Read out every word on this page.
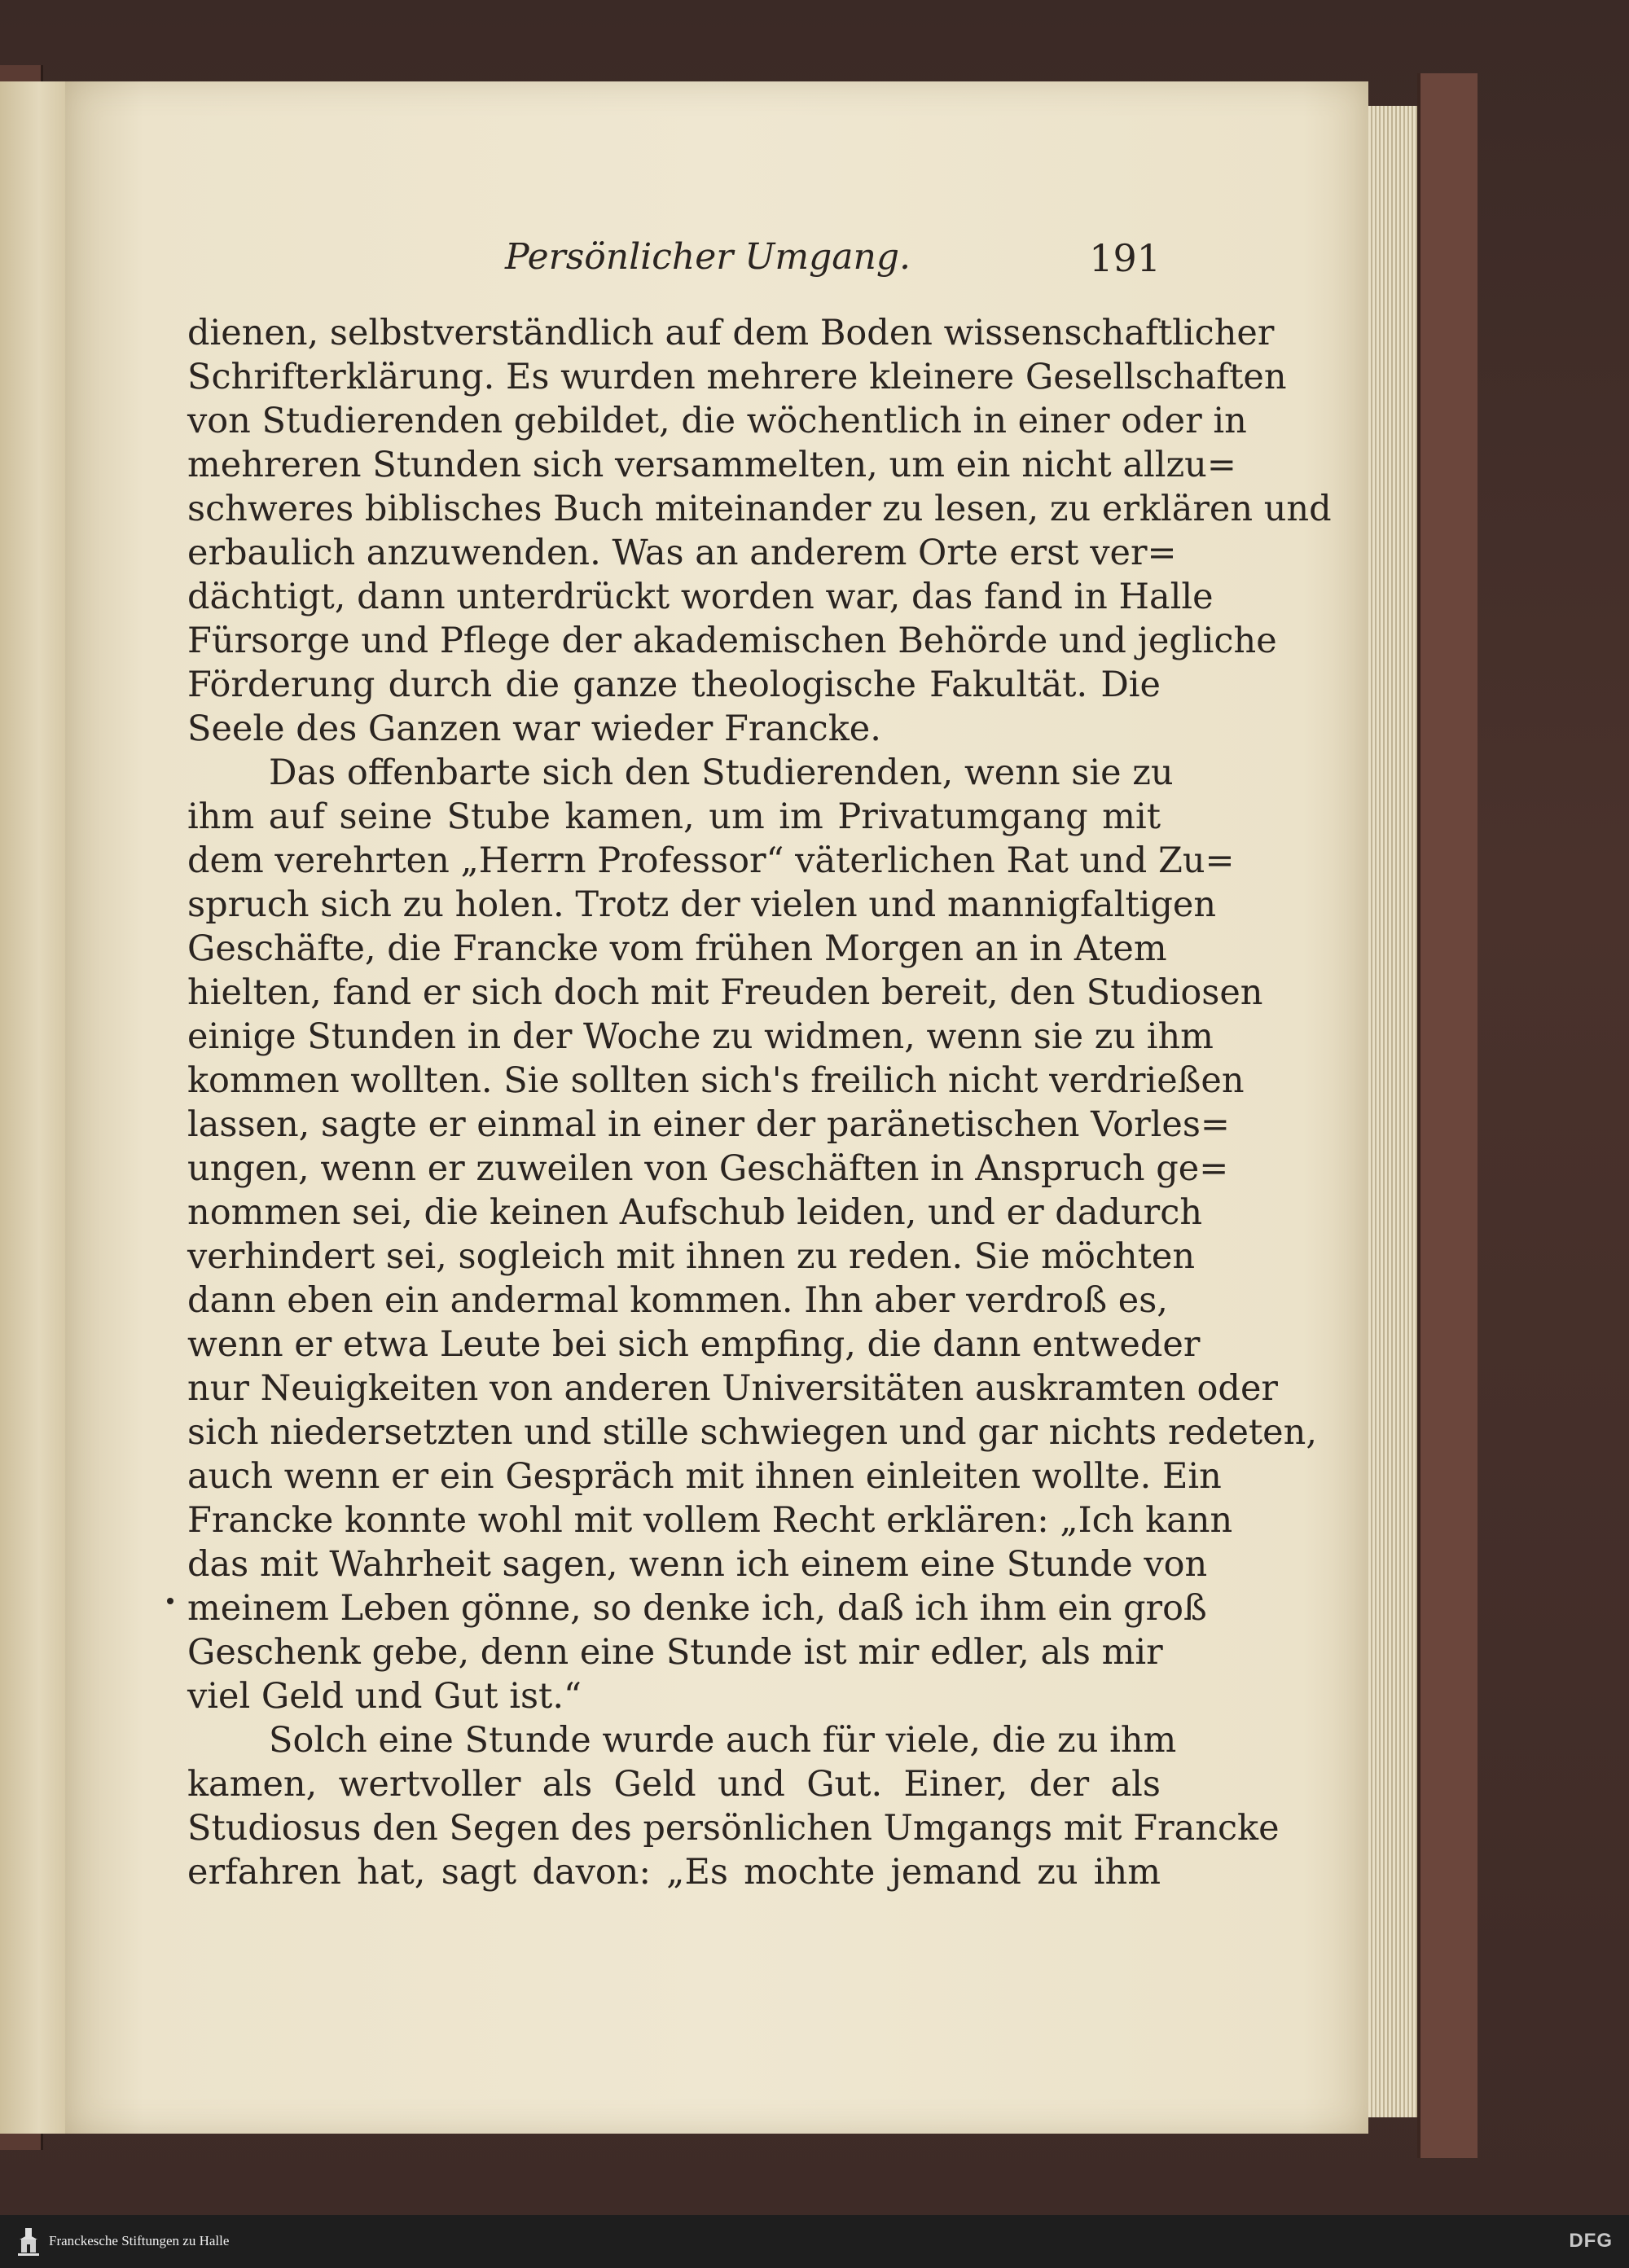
Persönlicher Umgang.	191
dienen, selbstverständlich auf dem Boden wissenschaftlicher
Schrifterklärung. Es wurden mehrere kleinere Gesellschaften
von Studierenden gebildet, die wöchentlich in einer oder in
mehreren Stunden sich versammelten, um ein nicht allzu=
schweres biblisches Buch miteinander zu lesen, zu erklären und
erbaulich anzuwenden. Was an anderem Orte erst ver=
dächtigt, dann unterdrückt worden war, das fand in Halle
Fürsorge und Pflege der akademischen Behörde und jegliche
Förderung durch die ganze theologische Fakultät. Die
Seele des Ganzen war wieder Francke.
Das offenbarte sich den Studierenden, wenn sie zu
ihm auf seine Stube kamen, um im Privatumgang mit
dem verehrten „Herrn Professor“ väterlichen Rat und Zu=
spruch sich zu holen. Trotz der vielen und mannigfaltigen
Geschäfte, die Francke vom frühen Morgen an in Atem
hielten, fand er sich doch mit Freuden bereit, den Studiosen
einige Stunden in der Woche zu widmen, wenn sie zu ihm
kommen wollten. Sie sollten sich's freilich nicht verdrießen
lassen, sagte er einmal in einer der paränetischen Vorles=
ungen, wenn er zuweilen von Geschäften in Anspruch ge=
nommen sei, die keinen Aufschub leiden, und er dadurch
verhindert sei, sogleich mit ihnen zu reden. Sie möchten
dann eben ein andermal kommen. Ihn aber verdroß es,
wenn er etwa Leute bei sich empfing, die dann entweder
nur Neuigkeiten von anderen Universitäten auskramten oder
sich niedersetzten und stille schwiegen und gar nichts redeten,
auch wenn er ein Gespräch mit ihnen einleiten wollte. Ein
Francke konnte wohl mit vollem Recht erklären: „Ich kann
das mit Wahrheit sagen, wenn ich einem eine Stunde von
meinem Leben gönne, so denke ich, daß ich ihm ein groß
Geschenk gebe, denn eine Stunde ist mir edler, als mir
viel Geld und Gut ist.“
Solch eine Stunde wurde auch für viele, die zu ihm
kamen, wertvoller als Geld und Gut. Einer, der als
Studiosus den Segen des persönlichen Umgangs mit Francke
erfahren hat, sagt davon: „Es mochte jemand zu ihm
Franckesche Stiftungen zu Halle	DFG
